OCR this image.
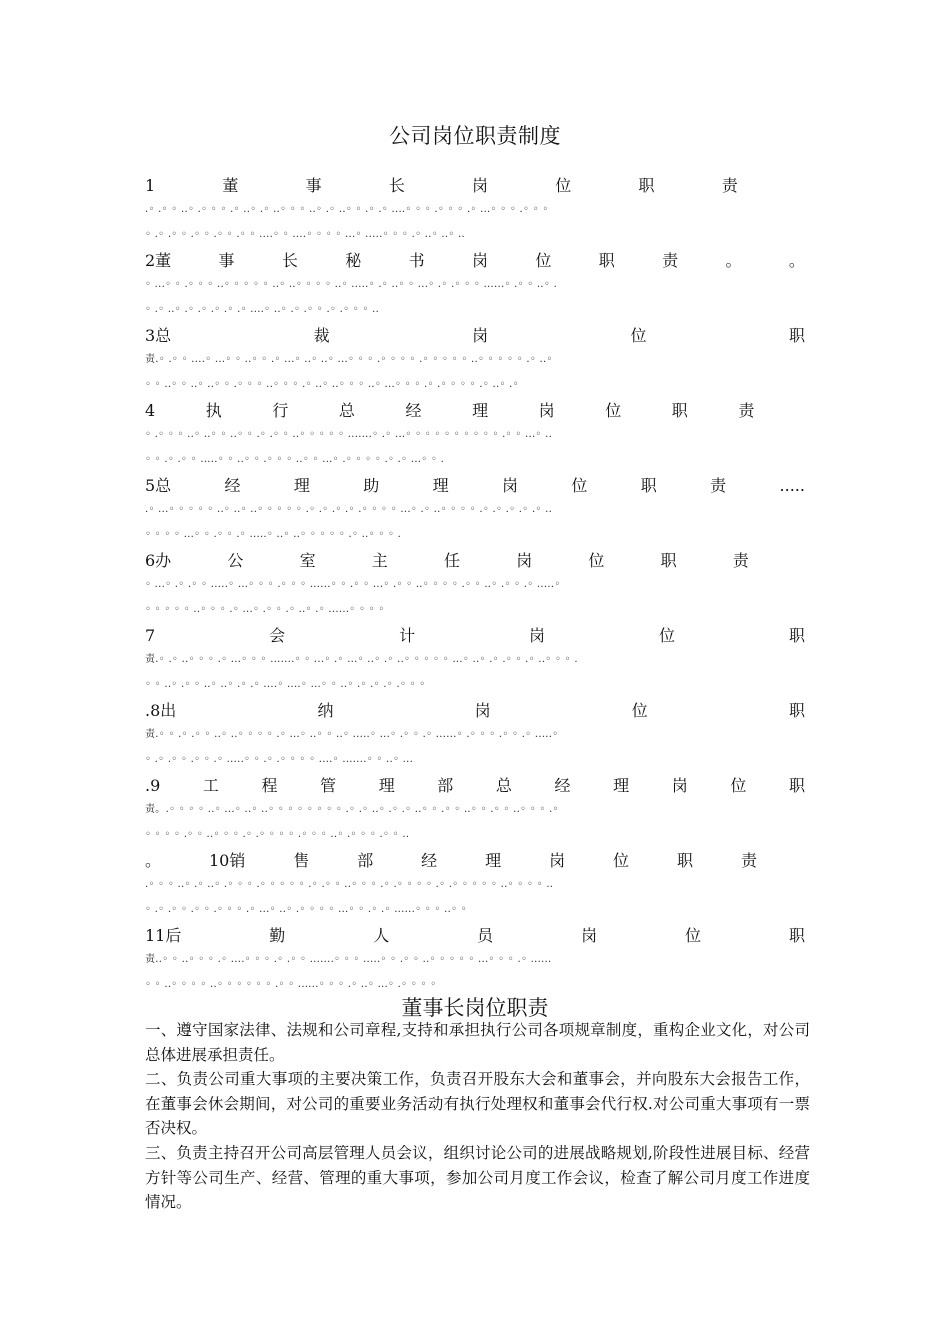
公司岗位职责制度
1	董	事	长	岗	位	职	责
.◦ .◦ ◦ ..◦ .◦ ◦ ◦ .◦ ..◦ .◦ ..◦ ◦ ◦ ..◦ .◦ ..◦ ◦ .◦ .◦ ....◦ ◦ ◦ .◦ ◦ ◦ .◦ ...◦ ◦ ◦ .◦ ◦ ◦
◦ .◦ .◦ ◦ .◦ ◦ .◦ ◦ .◦ ◦ ....◦ ◦ ....◦ ◦ ◦ ◦ ...◦ .....◦ ◦ ◦ .◦ ..◦ ..◦ ..
2董	事	长	秘	书	岗	位	职	责	。	。
◦ ...◦ ◦ .◦ ◦ ◦ ..◦ ◦ ◦ ◦ ◦ ..◦ ..◦ ◦ ◦ ◦ ..◦ .....◦ .◦ ..◦ ◦ ...◦ .◦ .◦ ◦ ◦ ......◦ .◦ ◦ ..◦ .
◦ .◦ ..◦ .◦ .◦ .◦ .◦ .◦ ....◦ ..◦ .◦ .◦ ◦ .◦ .◦ ◦ ◦ ..
3总	裁	岗	位	职
责.◦ .◦ ◦ ....◦ ...◦ ◦ ..◦ ◦ .◦ ...◦ ..◦ ..◦ ...◦ ◦ ◦ .◦ ◦ ◦ ◦ .◦ ◦ ◦ ◦ ◦ ..◦ ◦ ◦ ◦ ◦ .◦ ..◦
◦ ◦ ..◦ ◦ ..◦ ..◦ ◦ .◦ ◦ ◦ ..◦ ◦ ◦ .◦ ..◦ ..◦ ◦ ◦ ..◦ ...◦ ◦ ◦ .◦ .◦ ◦ ◦ ◦ .◦ ..◦ .◦
4	执	行	总	经	理	岗	位	职	责
◦ .◦ ◦ ◦ ..◦ ..◦ ◦ ..◦ ◦ .◦ .◦ ◦ ..◦ ◦ ◦ ◦ ◦ .......◦ .◦ ...◦ ◦ ◦ ◦ ◦ ◦ ◦ ◦ ◦ ◦ .◦ ◦ ...◦ ..
◦ ◦ .◦ .◦ ◦ .....◦ ◦ ..◦ ◦ .◦ ◦ ◦ ..◦ ◦ ...◦ .◦ ◦ ◦ ◦ .◦ .◦ ...◦ ◦ .
5总	经	理	助	理	岗	位	职	责	.....
.◦ ...◦ ◦ ◦ ◦ ◦ ..◦ ..◦ ..◦ ◦ ◦ ◦ ◦ .◦ .◦ .◦ .◦ .◦ ◦ ◦ ◦ ...◦ .◦ ..◦ ◦ ◦ ◦ .◦ .◦ .◦ .◦ .◦ ..
◦ ◦ ◦ ◦ ...◦ ◦ .◦ ◦ .◦ .....◦ ..◦ ..◦ ◦ ◦ ◦ ◦ .◦ ..◦ ◦ ◦ .
6办	公	室	主	任	岗	位	职	责
◦ ...◦ .◦ .◦ ◦ .....◦ ...◦ ◦ ◦ .◦ ◦ ◦ ......◦ ◦ .◦ ◦ ...◦ .◦ ◦ ..◦ ◦ ◦ ◦ .◦ ◦ ..◦ .◦ ◦ .◦ .....◦
◦ ◦ ◦ ◦ ◦ ..◦ ◦ ◦ .◦ ...◦ .◦ ◦ .◦ ..◦ .◦ ......◦ ◦ ◦ ◦
7	会	计	岗	位	职
责.◦ .◦ ..◦ ◦ ◦ .◦ ...◦ ◦ ◦ .......◦ ◦ ...◦ .◦ ...◦ ..◦ .◦ ..◦ ◦ ◦ ◦ ◦ ...◦ ..◦ .◦ .◦ ◦ .◦ ..◦ ◦ ◦ .
◦ ◦ ..◦ .◦ ◦ ..◦ ..◦ .◦ .◦ ....◦ ....◦ ...◦ ◦ ..◦ .◦ .◦ .◦ .◦ ◦ ◦
.8出	纳	岗	位	职
责.◦ ◦ .◦ .◦ ◦ ..◦ ..◦ ◦ ◦ ◦ .◦ ...◦ ..◦ ◦ ..◦ .....◦ ...◦ .◦ ◦ .◦ ......◦ .◦ ◦ ◦ .◦ ◦ .◦ .....◦
◦ .◦ .◦ ◦ .◦ ◦ .◦ .....◦ ◦ .◦ .◦ ◦ ◦ ◦ ....◦ .......◦ ◦ ..◦ ...
.9	工	程	管	理	部	总	经	理	岗	位	职
责。.◦ ◦ ◦ ◦ ..◦ ...◦ ..◦ ..◦ ◦ ◦ ◦ ◦ ◦ ◦ ◦ .◦ .◦ ..◦ .◦ .◦ ..◦ ◦ .◦ ◦ ..◦ ◦ .◦ ◦ ..◦ ◦ ◦ .◦
◦ ◦ ◦ ◦ .◦ ◦ ..◦ ◦ ◦ .◦ .◦ ◦ ◦ ◦ .◦ ◦ ◦ ..◦ .◦ ◦ ◦ .◦ ◦ ..
。	10销	售	部	经	理	岗	位	职	责
.◦ ◦ ◦ ..◦ .◦ ..◦ .◦ ◦ ◦ .◦ ◦ ◦ ◦ ◦ .◦ .◦ ◦ ..◦ ◦ ◦ .◦ .◦ ◦ ◦ ◦ .◦ .◦ ◦ ◦ ◦ ◦ ..◦ ◦ ◦ ◦ ..
◦ .◦ .◦ ◦ .◦ ◦ .◦ ◦ ◦ .◦ ...◦ ..◦ .◦ ◦ ◦ ◦ ...◦ ◦ .◦ .◦ ......◦ ◦ ◦ ..◦ ◦
11后	勤	人	员	岗	位	职
责..◦ ◦ ..◦ ◦ ◦ .◦ ....◦ ◦ ◦ .◦ .◦ ◦ .......◦ ◦ ◦ .....◦ ◦ .◦ ◦ ..◦ ◦ ◦ ◦ ◦ ...◦ ◦ ◦ .◦ ......
◦ ◦ ..◦ ◦ ◦ ◦ ..◦ ◦ ◦ ◦ ◦ ◦ .◦ ◦ ......◦ ◦ ◦ .◦ ..◦ ...◦ .◦ ◦ ◦ ◦
董事长岗位职责

一、遵守国家法律、法规和公司章程,支持和承担执行公司各项规章制度，重构企业文化，对公司总体进展承担责任。

二、负责公司重大事项的主要决策工作，负责召开股东大会和董事会，并向股东大会报告工作，在董事会休会期间，对公司的重要业务活动有执行处理权和董事会代行权.对公司重大事项有一票否决权。

三、负责主持召开公司高层管理人员会议，组织讨论公司的进展战略规划,阶段性进展目标、经营方针等公司生产、经营、管理的重大事项，参加公司月度工作会议，检查了解公司月度工作进度情况。
